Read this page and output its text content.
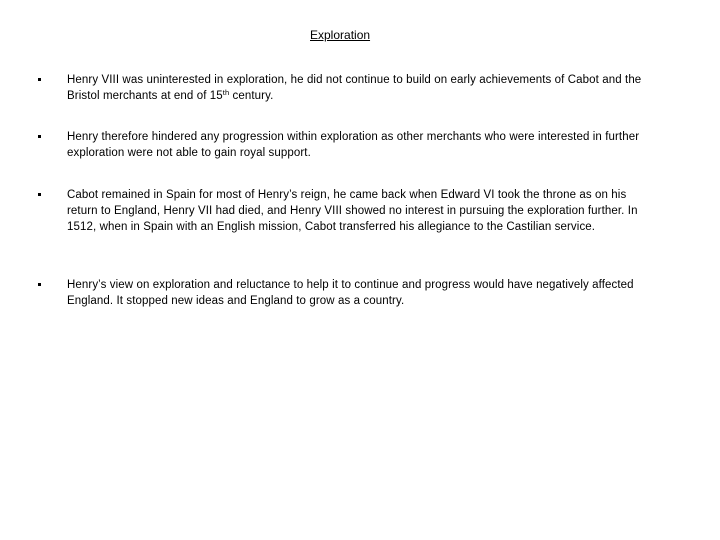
Exploration
Henry VIII was uninterested in exploration, he did not continue to build on early achievements of Cabot and the Bristol merchants at end of 15th century.
Henry therefore hindered any progression within exploration as other merchants who were interested in further exploration were not able to gain royal support.
Cabot remained in Spain for most of Henry’s reign, he came back when Edward VI took the throne as on his return to England, Henry VII had died, and Henry VIII showed no interest in pursuing the exploration further. In 1512, when in Spain with an English mission, Cabot transferred his allegiance to the Castilian service.
Henry’s view on exploration and reluctance to help it to continue and progress would have negatively affected England. It stopped new ideas and England to grow as a country.
